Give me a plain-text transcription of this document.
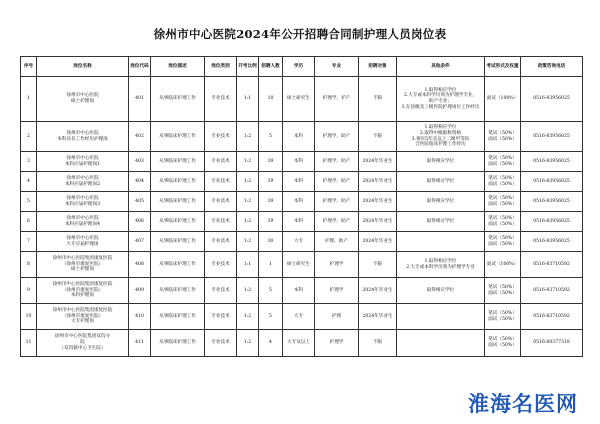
徐州市中心医院2024年公开招聘合同制护理人员岗位表
序号	岗位名称	岗位代码	岗位描述	岗位类别	开考比例	招聘人数	学历	专业	招聘对象	其他条件	考试形式及权重	政策咨询电话
1	徐州市中心医院
硕士护理岗	401	从事临床护理工作	专业技术	1:1	10	硕士研究生	护理学、护产	不限	1.取得相应学位
2.大专或本科学历须为护理学专业，
助产专业；
3.在县级及三级医院护理岗位工作经历	面试（100%）	0516-83956025
2	徐州市中心医院
本科具有工作经历护理岗	402	从事临床护理工作	专业技术	1:2	5	本科	护理学、助产	不限	1.取得相应学位
2.取得中级职称资格
3.须有5年及以上二级甲等综
合医院临床护理工作经历	笔试（50%）
面试（50%）	0516-83956025
3	徐州市中心医院
本科应届护理岗1	403	从事临床护理工作	专业技术	1:2	39	本科	护理学、助产	2024年毕业生	取得相应学位	笔试（50%）
面试（50%）	0516-83956025
4	徐州市中心医院
本科应届护理岗2	404	从事临床护理工作	专业技术	1:2	39	本科	护理学、助产	2024年毕业生	取得相应学位	笔试（50%）
面试（50%）	0516-83956025
5	徐州市中心医院
本科应届护理岗3	405	从事临床护理工作	专业技术	1:2	39	本科	护理学、助产	2024年毕业生	取得相应学位	笔试（50%）
面试（50%）	0516-83956025
6	徐州市中心医院
本科应届护理岗4	406	从事临床护理工作	专业技术	1:2	39	本科	护理学、助产	2024年毕业生	取得相应学位	笔试（50%）
面试（50%）	0516-83956025
7	徐州市中心医院
大专应届护理岗	407	从事临床护理工作	专业技术	1:2	30	大专	护理、助产	2024年毕业生		笔试（50%）
面试（50%）	0516-83956025
8	徐州市中心医院集团康复医院
（徐州市康复医院）
硕士护理岗	408	从事临床护理工作	专业技术	1:1	1	硕士研究生	护理学	不限	1.取得相应学位
2.大专或本科学历须为护理学专业	面试（100%）	0516-83710592
9	徐州市中心医院集团康复医院
（徐州市康复医院）
本科护理岗	409	从事临床护理工作	专业技术	1:2	5	本科	护理学	2024年毕业生	取得相应学位	笔试（50%）
面试（50%）	0516-83710592
10	徐州市中心医院集团康复医院
（徐州市康复医院）
大专护理岗	410	从事临床护理工作	专业技术	1:2	5	大专	护理	2024年毕业生		笔试（50%）
面试（50%）	0516-83710592
11	徐州市中心医院集团双沟分
院
（双沟镇中心卫生院）	411	从事临床护理工作	专业技术	1:2	4	大专及以上	护理学	不限		笔试（50%）
面试（50%）	0516-80377318
淮海名医网
